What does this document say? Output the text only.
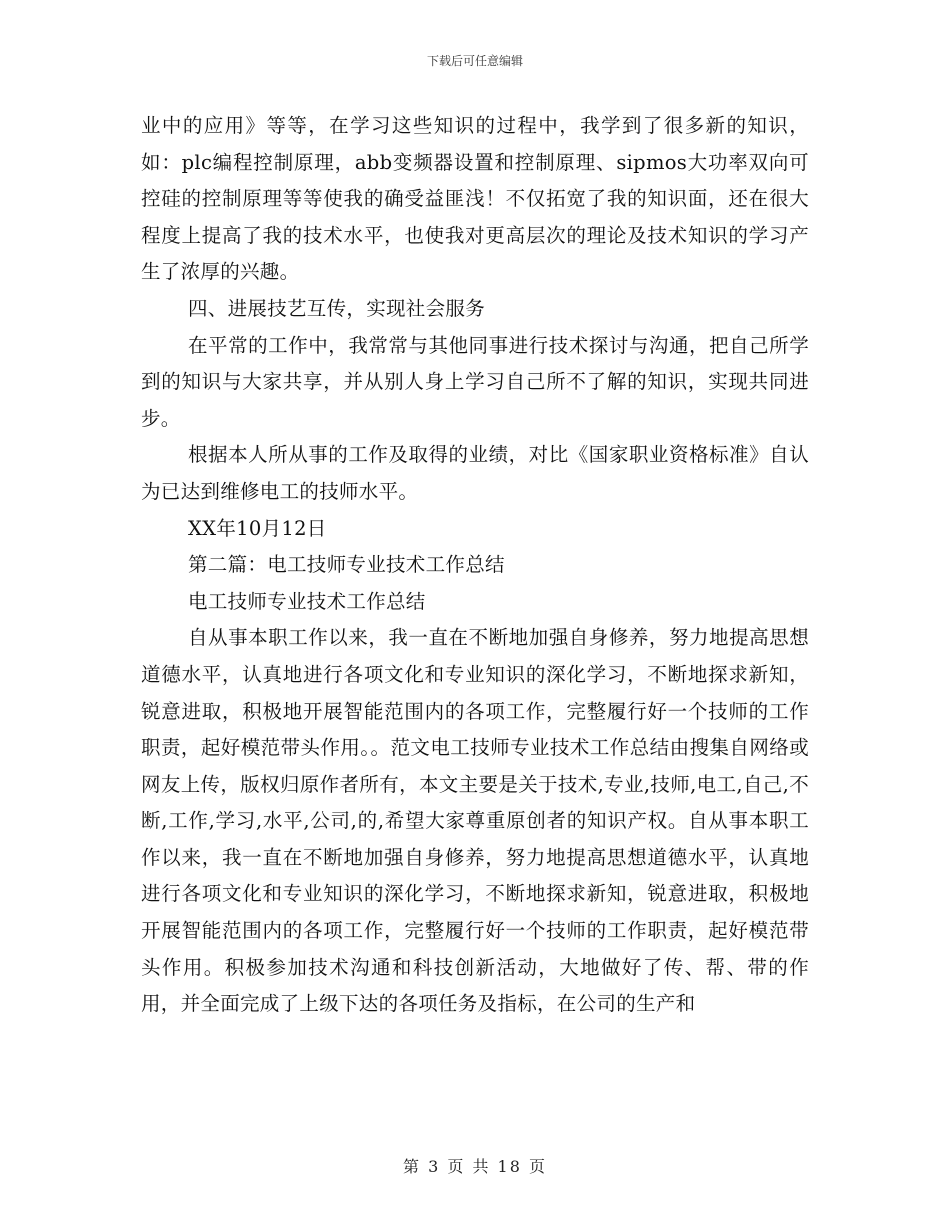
下载后可任意编辑

业中的应用》等等，在学习这些知识的过程中，我学到了很多新的知识，如：plc编程控制原理，abb变频器设置和控制原理、sipmos大功率双向可控硅的控制原理等等使我的确受益匪浅！不仅拓宽了我的知识面，还在很大程度上提高了我的技术水平，也使我对更高层次的理论及技术知识的学习产生了浓厚的兴趣。

四、进展技艺互传，实现社会服务

在平常的工作中，我常常与其他同事进行技术探讨与沟通，把自己所学到的知识与大家共享，并从别人身上学习自己所不了解的知识，实现共同进步。

根据本人所从事的工作及取得的业绩，对比《国家职业资格标准》自认为已达到维修电工的技师水平。

XX年10月12日

第二篇：电工技师专业技术工作总结

电工技师专业技术工作总结

自从事本职工作以来，我一直在不断地加强自身修养，努力地提高思想道德水平，认真地进行各项文化和专业知识的深化学习，不断地探求新知，锐意进取，积极地开展智能范围内的各项工作，完整履行好一个技师的工作职责，起好模范带头作用。。范文电工技师专业技术工作总结由搜集自网络或网友上传，版权归原作者所有，本文主要是关于技术,专业,技师,电工,自己,不断,工作,学习,水平,公司,的,希望大家尊重原创者的知识产权。自从事本职工作以来，我一直在不断地加强自身修养，努力地提高思想道德水平，认真地进行各项文化和专业知识的深化学习，不断地探求新知，锐意进取，积极地开展智能范围内的各项工作，完整履行好一个技师的工作职责，起好模范带头作用。积极参加技术沟通和科技创新活动，大地做好了传、帮、带的作用，并全面完成了上级下达的各项任务及指标，在公司的生产和

第 3 页 共 18 页
